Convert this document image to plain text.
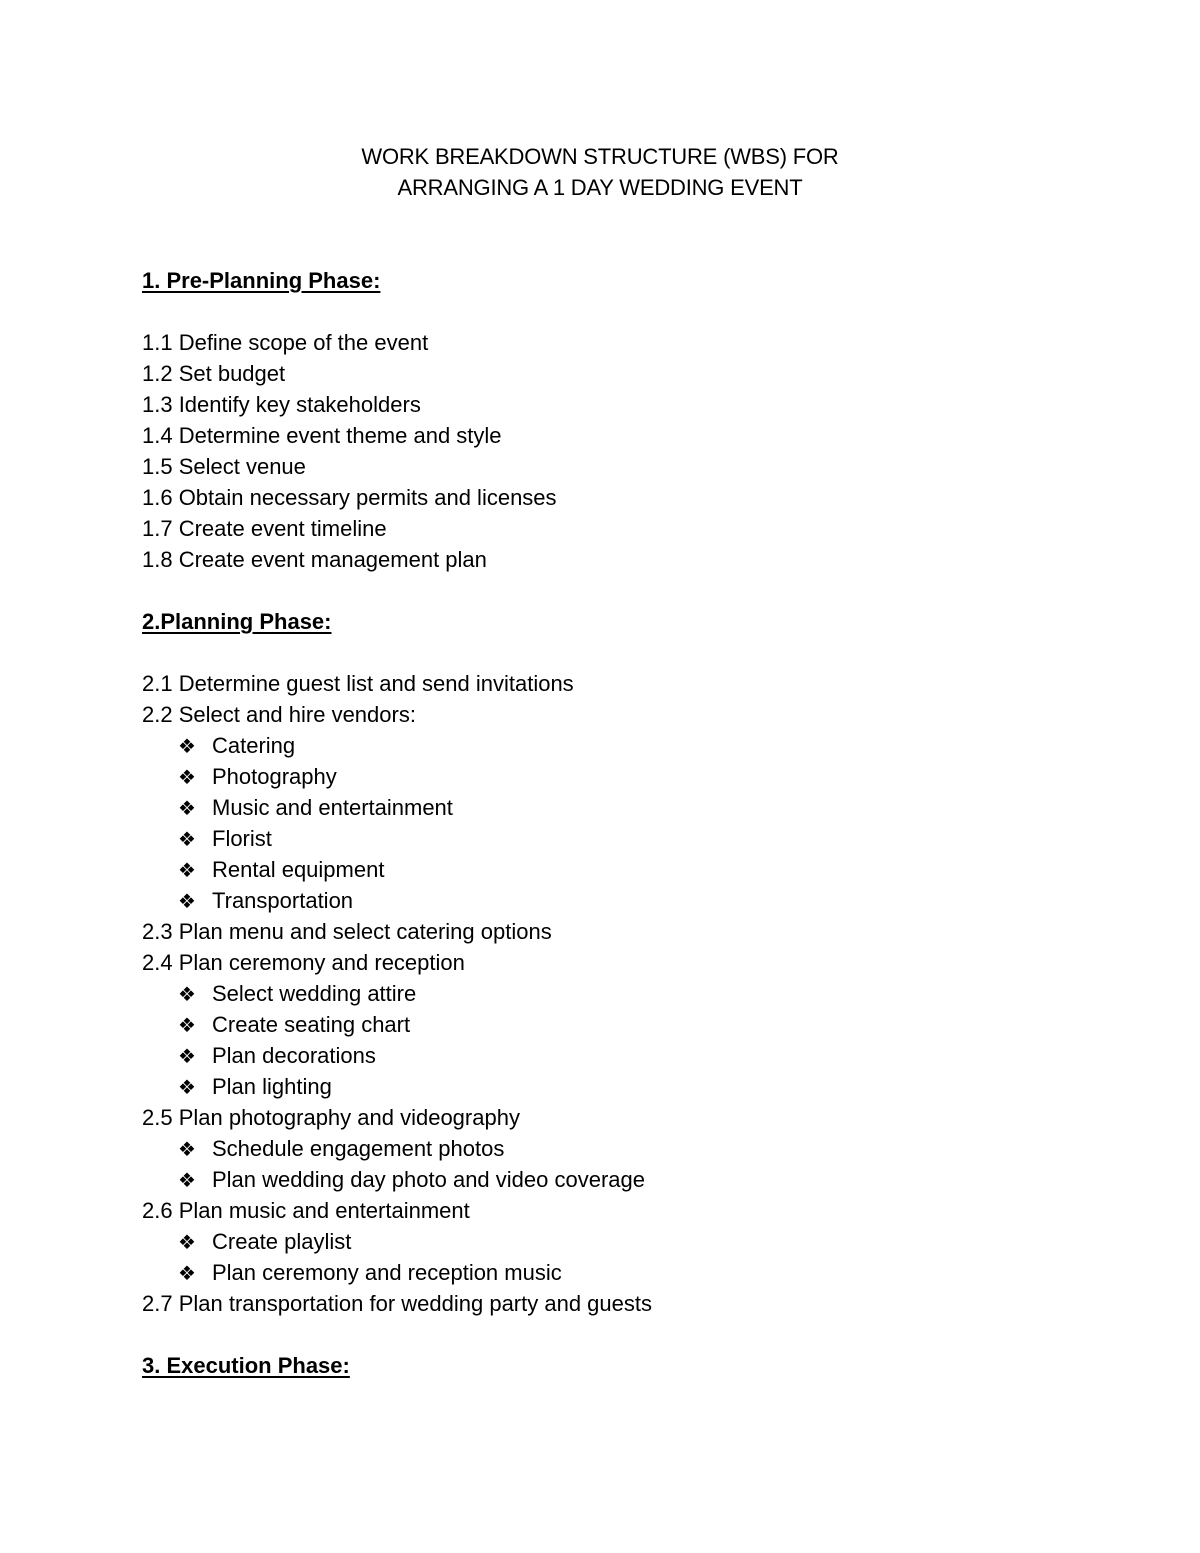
WORK BREAKDOWN STRUCTURE (WBS) FOR
ARRANGING A 1 DAY WEDDING EVENT
1. Pre-Planning Phase:
1.1 Define scope of the event
1.2 Set budget
1.3 Identify key stakeholders
1.4 Determine event theme and style
1.5 Select venue
1.6 Obtain necessary permits and licenses
1.7 Create event timeline
1.8 Create event management plan
2.Planning Phase:
2.1 Determine guest list and send invitations
2.2 Select and hire vendors:
❖ Catering
❖ Photography
❖ Music and entertainment
❖ Florist
❖ Rental equipment
❖ Transportation
2.3 Plan menu and select catering options
2.4 Plan ceremony and reception
❖ Select wedding attire
❖ Create seating chart
❖ Plan decorations
❖ Plan lighting
2.5 Plan photography and videography
❖ Schedule engagement photos
❖ Plan wedding day photo and video coverage
2.6 Plan music and entertainment
❖ Create playlist
❖ Plan ceremony and reception music
2.7 Plan transportation for wedding party and guests
3. Execution Phase:
